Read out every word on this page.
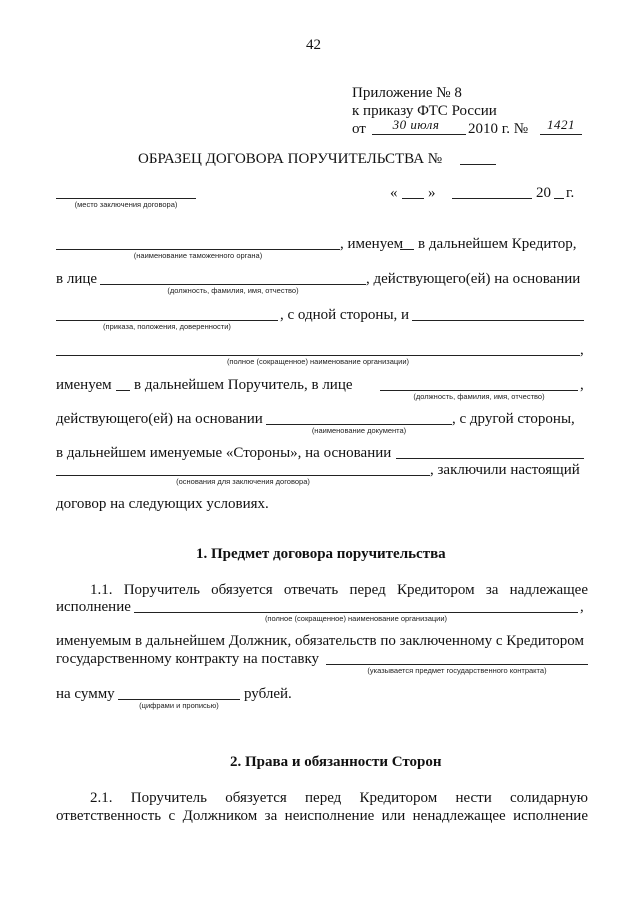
42
Приложение № 8
к приказу ФТС России
от	30 июля	2010 г. №	1421
ОБРАЗЕЦ ДОГОВОРА ПОРУЧИТЕЛЬСТВА №
(место заключения договора)
« »	20 г.
(наименование таможенного органа)
, именуем в дальнейшем Кредитор,
в лице
(должность, фамилия, имя, отчество)
, действующего(ей) на основании
(приказа, положения, доверенности)
, с одной стороны, и
,
(полное (сокращенное) наименование организации)
именуем в дальнейшем Поручитель, в лице	,
(должность, фамилия, имя, отчество)
действующего(ей) на основании
(наименование документа)
, с другой стороны,
в дальнейшем именуемые «Стороны», на основании
(основания для заключения договора)
, заключили настоящий
договор на следующих условиях.
1. Предмет договора поручительства
1.1. Поручитель обязуется отвечать перед Кредитором за надлежащее
исполнение	,
(полное (сокращенное) наименование организации)
именуемым в дальнейшем Должник, обязательств по заключенному с Кредитором
государственному контракту на поставку
(указывается предмет государственного контракта)
на сумму
(цифрами и прописью)
рублей.
2. Права и обязанности Сторон
2.1. Поручитель обязуется перед Кредитором нести солидарную
ответственность с Должником за неисполнение или ненадлежащее исполнение
